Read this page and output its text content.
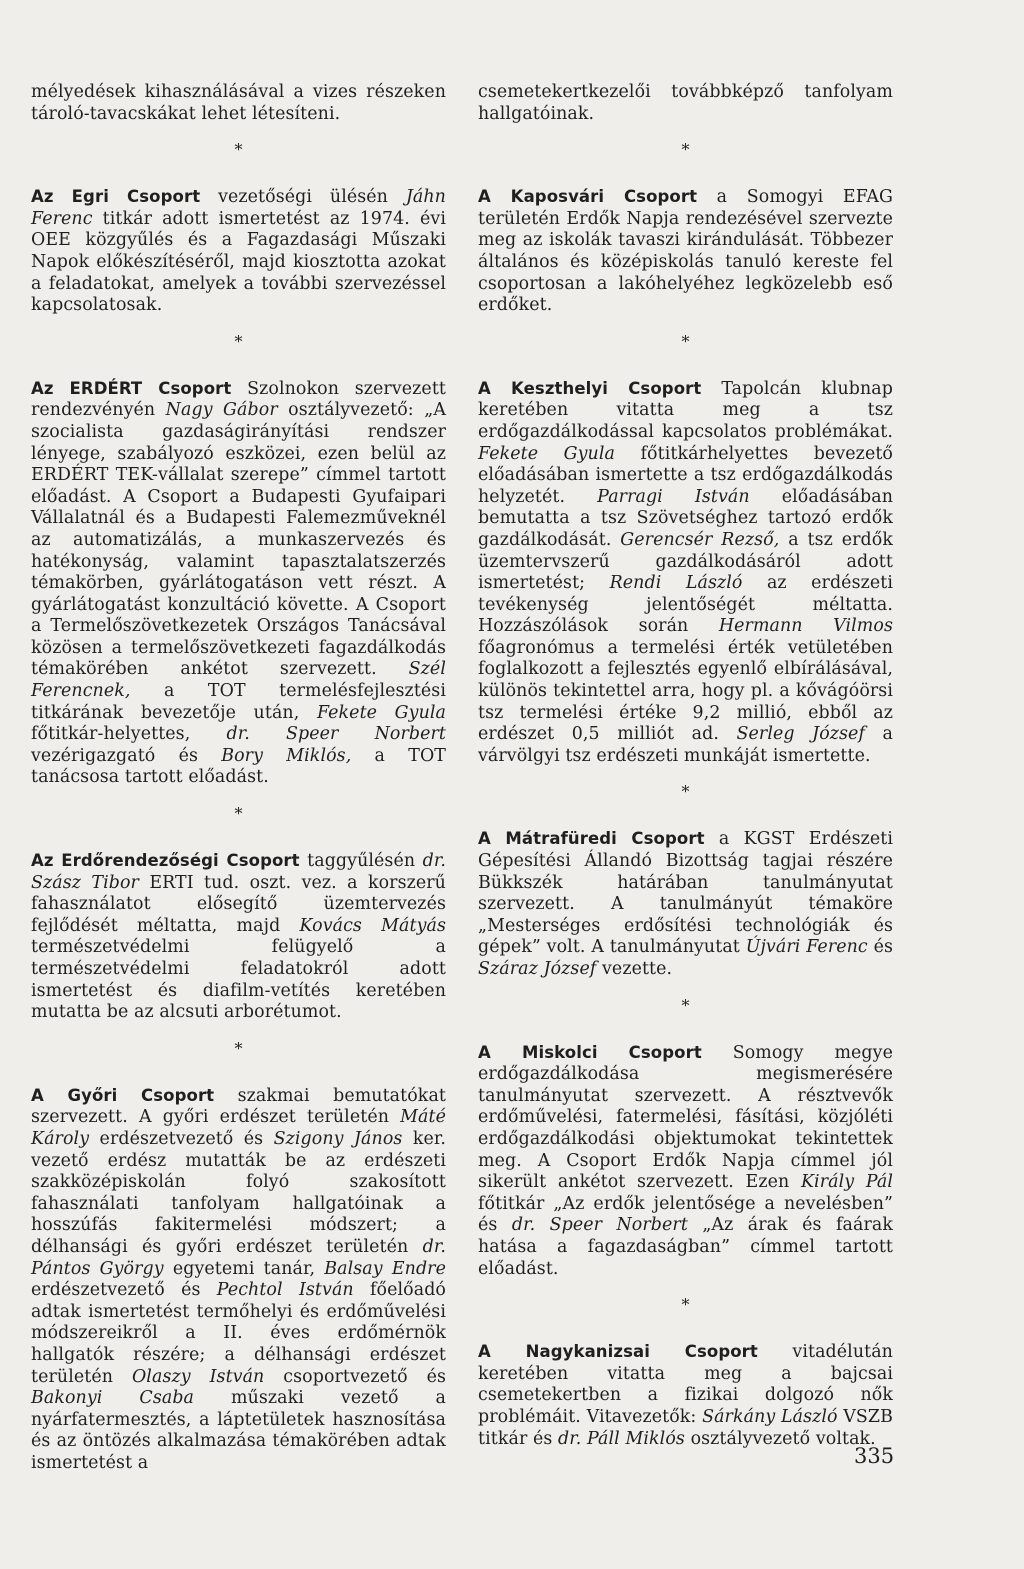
mélyedések kihasználásával a vizes részeken tároló-tavacskákat lehet létesíteni.

*

Az Egri Csoport vezetőségi ülésén Jáhn Ferenc titkár adott ismertetést az 1974. évi OEE közgyűlés és a Fagazdasági Műszaki Napok előkészítéséről, majd kiosztotta azokat a feladatokat, amelyek a további szervezéssel kapcsolatosak.

*

Az ERDÉRT Csoport Szolnokon szervezett rendezvényén Nagy Gábor osztályvezető: „A szocialista gazdaságirányítási rendszer lényege, szabályozó eszközei, ezen belül az ERDÉRT TEK-vállalat szerepe” címmel tartott előadást. A Csoport a Budapesti Gyufaipari Vállalatnál és a Budapesti Falemezműveknél az automatizálás, a munkaszervezés és hatékonyság, valamint tapasztalatszerzés témakörben, gyárlátogatáson vett részt. A gyárlátogatást konzultáció követte. A Csoport a Termelőszövetkezetek Országos Tanácsával közösen a termelőszövetkezeti fagazdálkodás témakörében ankétot szervezett. Szél Ferencnek, a TOT termelésfejlesztési titkárának bevezetője után, Fekete Gyula főtitkár-helyettes, dr. Speer Norbert vezérigazgató és Bory Miklós, a TOT tanácsosa tartott előadást.

*

Az Erdőrendezőségi Csoport taggyűlésén dr. Szász Tibor ERTI tud. oszt. vez. a korszerű fahasználatot elősegítő üzemtervezés fejlődését méltatta, majd Kovács Mátyás természetvédelmi felügyelő a természetvédelmi feladatokról adott ismertetést és diafilm-vetítés keretében mutatta be az alcsuti arborétumot.

*

A Győri Csoport szakmai bemutatókat szervezett. A győri erdészet területén Máté Károly erdészetvezető és Szigony János ker. vezető erdész mutatták be az erdészeti szakközépiskolán folyó szakosított fahasználati tanfolyam hallgatóinak a hosszúfás fakitermelési módszert; a délhansági és győri erdészet területén dr. Pántos György egyetemi tanár, Balsay Endre erdészetvezető és Pechtol István főelőadó adtak ismertetést termőhelyi és erdőművelési módszereikről a II. éves erdőmérnök hallgatók részére; a délhansági erdészet területén Olaszy István csoportvezető és Bakonyi Csaba műszaki vezető a nyárfatermesztés, a láptetületek hasznosítása és az öntözés alkalmazása témakörében adtak ismertetést a

csemetekertkezelői továbbképző tanfolyam hallgatóinak.

*

A Kaposvári Csoport a Somogyi EFAG területén Erdők Napja rendezésével szervezte meg az iskolák tavaszi kirándulását. Többezer általános és középiskolás tanuló kereste fel csoportosan a lakóhelyéhez legközelebb eső erdőket.

*

A Keszthelyi Csoport Tapolcán klubnap keretében vitatta meg a tsz erdőgazdálkodással kapcsolatos problémákat. Fekete Gyula főtitkárhelyettes bevezető előadásában ismertette a tsz erdőgazdálkodás helyzetét. Parragi István előadásában bemutatta a tsz Szövetséghez tartozó erdők gazdálkodását. Gerencsér Rezső, a tsz erdők üzemtervszerű gazdálkodásáról adott ismertetést; Rendi László az erdészeti tevékenység jelentőségét méltatta. Hozzászólások során Hermann Vilmos főagronómus a termelési érték vetületében foglalkozott a fejlesztés egyenlő elbírálásával, különös tekintettel arra, hogy pl. a kővágóörsi tsz termelési értéke 9,2 millió, ebből az erdészet 0,5 milliót ad. Serleg József a várvölgyi tsz erdészeti munkáját ismertette.

*

A Mátrafüredi Csoport a KGST Erdészeti Gépesítési Állandó Bizottság tagjai részére Bükkszék határában tanulmányutat szervezett. A tanulmányút témaköre „Mesterséges erdősítési technológiák és gépek” volt. A tanulmányutat Újvári Ferenc és Száraz József vezette.

*

A Miskolci Csoport Somogy megye erdőgazdálkodása megismerésére tanulmányutat szervezett. A résztvevők erdőművelési, fatermelési, fásítási, közjóléti erdőgazdálkodási objektumokat tekintettek meg. A Csoport Erdők Napja címmel jól sikerült ankétot szervezett. Ezen Király Pál főtitkár „Az erdők jelentősége a nevelésben” és dr. Speer Norbert „Az árak és faárak hatása a fagazdaságban” címmel tartott előadást.

*

A Nagykanizsai Csoport vitadélután keretében vitatta meg a bajcsai csemetekertben a fizikai dolgozó nők problémáit. Vitavezetők: Sárkány László VSZB titkár és dr. Páll Miklós osztályvezető voltak.

335
